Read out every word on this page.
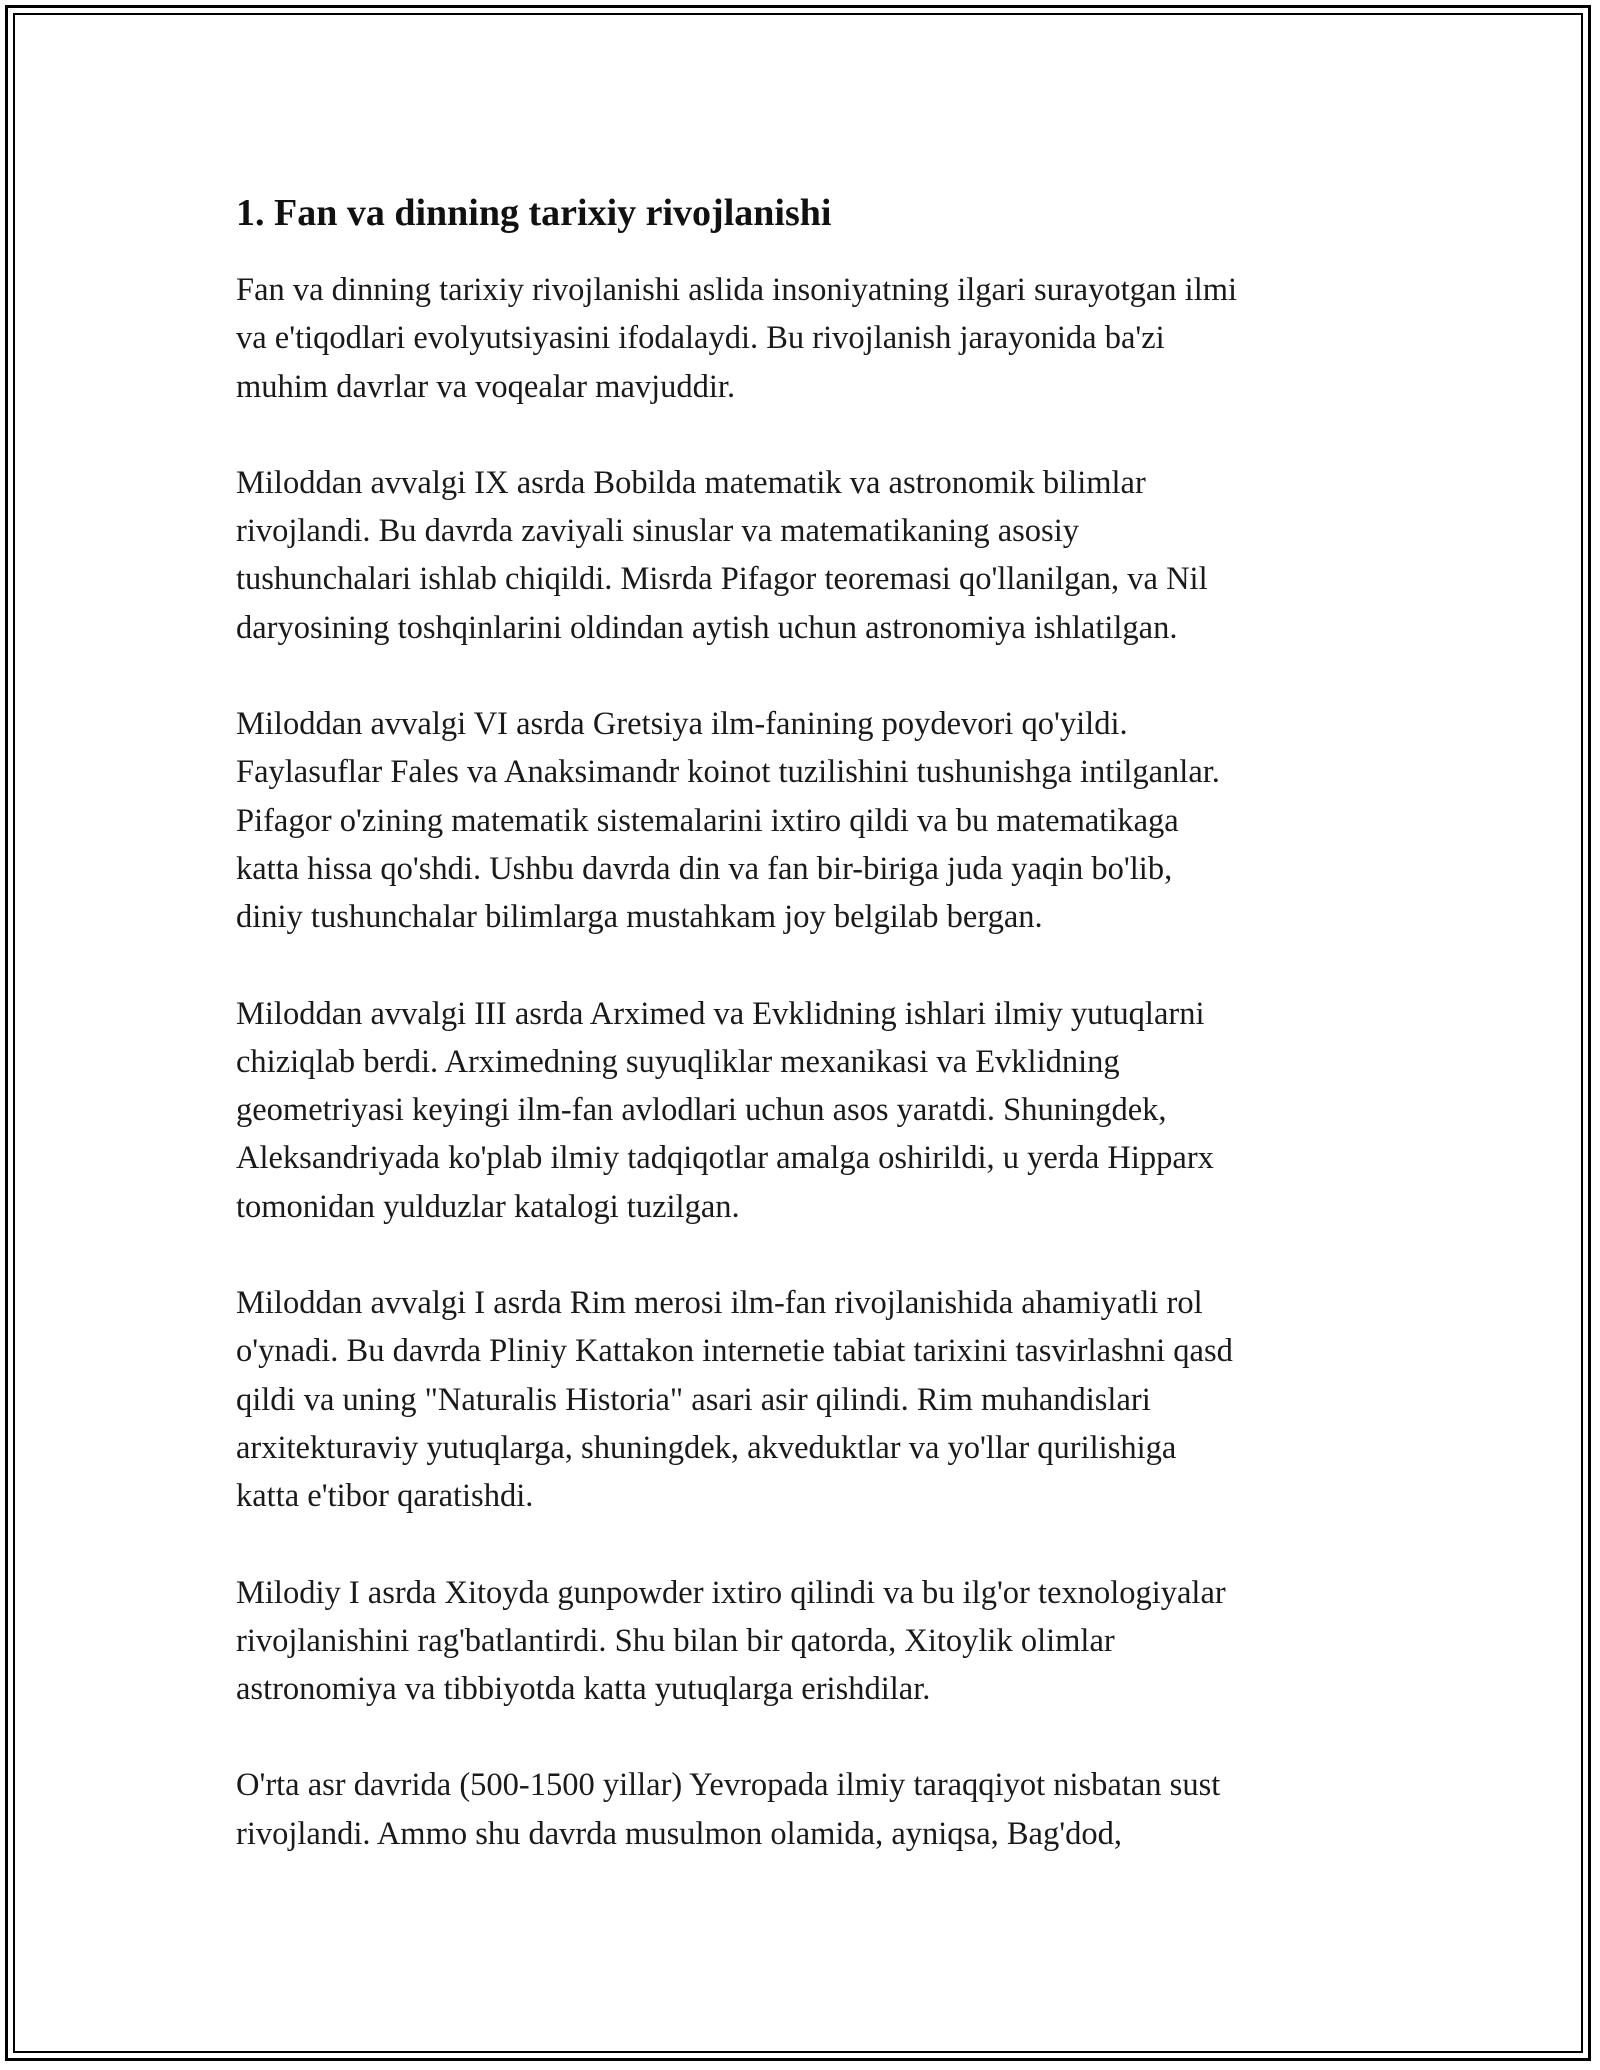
1. Fan va dinning tarixiy rivojlanishi

Fan va dinning tarixiy rivojlanishi aslida insoniyatning ilgari surayotgan ilmi
va e'tiqodlari evolyutsiyasini ifodalaydi. Bu rivojlanish jarayonida ba'zi
muhim davrlar va voqealar mavjuddir.

Miloddan avvalgi IX asrda Bobilda matematik va astronomik bilimlar
rivojlandi. Bu davrda zaviyali sinuslar va matematikaning asosiy
tushunchalari ishlab chiqildi. Misrda Pifagor teoremasi qo'llanilgan, va Nil
daryosining toshqinlarini oldindan aytish uchun astronomiya ishlatilgan.

Miloddan avvalgi VI asrda Gretsiya ilm-fanining poydevori qo'yildi.
Faylasuflar Fales va Anaksimandr koinot tuzilishini tushunishga intilganlar.
Pifagor o'zining matematik sistemalarini ixtiro qildi va bu matematikaga
katta hissa qo'shdi. Ushbu davrda din va fan bir-biriga juda yaqin bo'lib,
diniy tushunchalar bilimlarga mustahkam joy belgilab bergan.

Miloddan avvalgi III asrda Arximed va Evklidning ishlari ilmiy yutuqlarni
chiziqlab berdi. Arximedning suyuqliklar mexanikasi va Evklidning
geometriyasi keyingi ilm-fan avlodlari uchun asos yaratdi. Shuningdek,
Aleksandriyada ko'plab ilmiy tadqiqotlar amalga oshirildi, u yerda Hipparx
tomonidan yulduzlar katalogi tuzilgan.

Miloddan avvalgi I asrda Rim merosi ilm-fan rivojlanishida ahamiyatli rol
o'ynadi. Bu davrda Pliniy Kattakon internetie tabiat tarixini tasvirlashni qasd
qildi va uning "Naturalis Historia" asari asir qilindi. Rim muhandislari
arxitekturaviy yutuqlarga, shuningdek, akveduktlar va yo'llar qurilishiga
katta e'tibor qaratishdi.

Milodiy I asrda Xitoyda gunpowder ixtiro qilindi va bu ilg'or texnologiyalar
rivojlanishini rag'batlantirdi. Shu bilan bir qatorda, Xitoylik olimlar
astronomiya va tibbiyotda katta yutuqlarga erishdilar.

O'rta asr davrida (500-1500 yillar) Yevropada ilmiy taraqqiyot nisbatan sust
rivojlandi. Ammo shu davrda musulmon olamida, ayniqsa, Bag'dod,
